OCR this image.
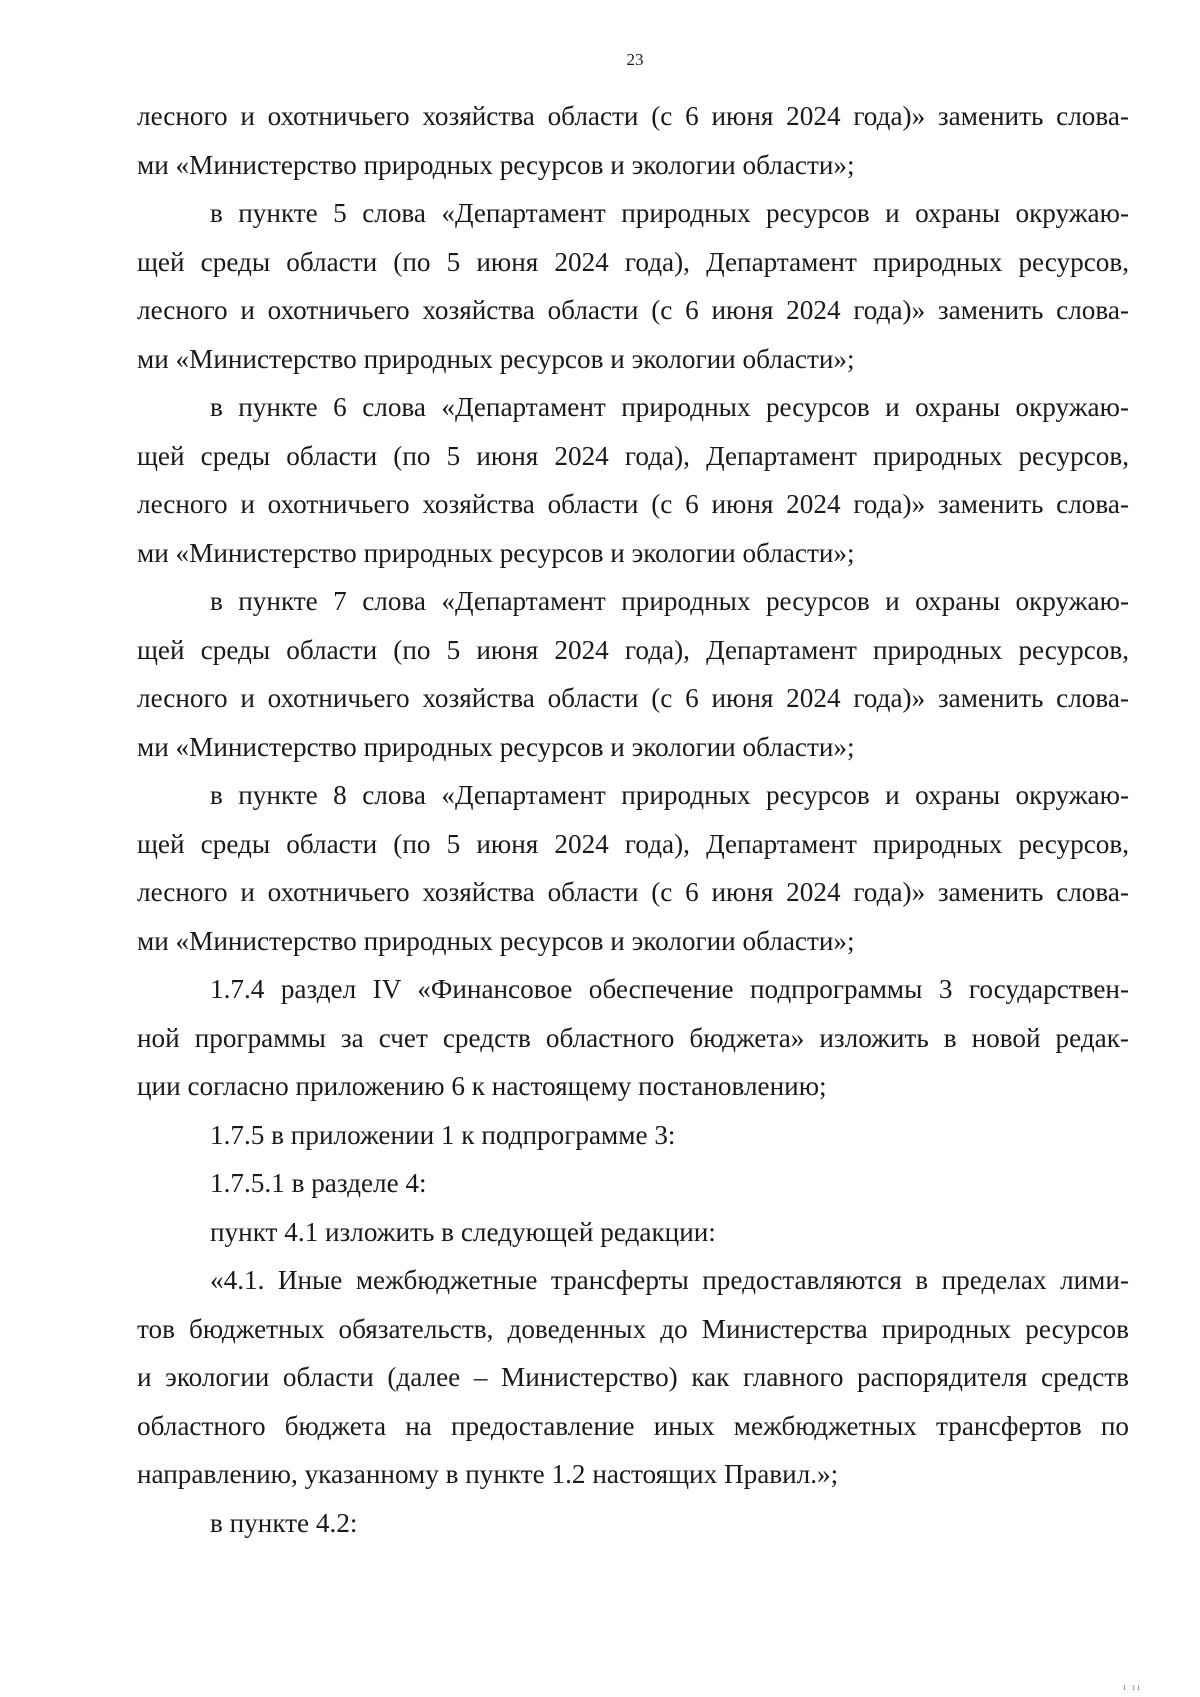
23
лесного и охотничьего хозяйства области (с 6 июня 2024 года)» заменить слова-
ми «Министерство природных ресурсов и экологии области»;
в пункте 5 слова «Департамент природных ресурсов и охраны окружаю-
щей среды области (по 5 июня 2024 года), Департамент природных ресурсов,
лесного и охотничьего хозяйства области (с 6 июня 2024 года)» заменить слова-
ми «Министерство природных ресурсов и экологии области»;
в пункте 6 слова «Департамент природных ресурсов и охраны окружаю-
щей среды области (по 5 июня 2024 года), Департамент природных ресурсов,
лесного и охотничьего хозяйства области (с 6 июня 2024 года)» заменить слова-
ми «Министерство природных ресурсов и экологии области»;
в пункте 7 слова «Департамент природных ресурсов и охраны окружаю-
щей среды области (по 5 июня 2024 года), Департамент природных ресурсов,
лесного и охотничьего хозяйства области (с 6 июня 2024 года)» заменить слова-
ми «Министерство природных ресурсов и экологии области»;
в пункте 8 слова «Департамент природных ресурсов и охраны окружаю-
щей среды области (по 5 июня 2024 года), Департамент природных ресурсов,
лесного и охотничьего хозяйства области (с 6 июня 2024 года)» заменить слова-
ми «Министерство природных ресурсов и экологии области»;
1.7.4 раздел IV «Финансовое обеспечение подпрограммы 3 государствен-
ной программы за счет средств областного бюджета» изложить в новой редак-
ции согласно приложению 6 к настоящему постановлению;
1.7.5 в приложении 1 к подпрограмме 3:
1.7.5.1 в разделе 4:
пункт 4.1 изложить в следующей редакции:
«4.1. Иные межбюджетные трансферты предоставляются в пределах лими-
тов бюджетных обязательств, доведенных до Министерства природных ресурсов
и экологии области (далее – Министерство) как главного распорядителя средств
областного бюджета на предоставление иных межбюджетных трансфертов по
направлению, указанному в пункте 1.2 настоящих Правил.»;
в пункте 4.2:
ı ıı
